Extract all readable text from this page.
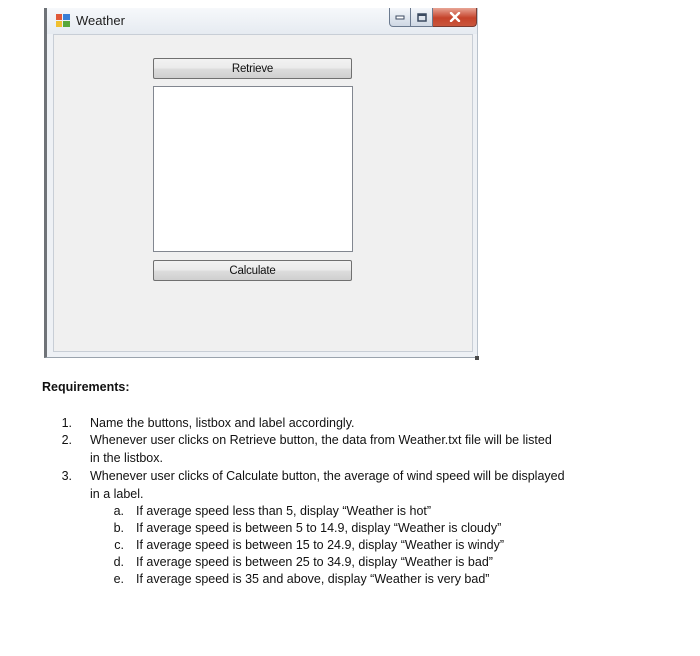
Weather
Retrieve
Calculate
Requirements:
1. Name the buttons, listbox and label accordingly.
2. Whenever user clicks on Retrieve button, the data from Weather.txt file will be listed
in the listbox.
3. Whenever user clicks of Calculate button, the average of wind speed will be displayed
in a label.
a. If average speed less than 5, display “Weather is hot”
b. If average speed is between 5 to 14.9, display “Weather is cloudy”
c. If average speed is between 15 to 24.9, display “Weather is windy”
d. If average speed is between 25 to 34.9, display “Weather is bad”
e. If average speed is 35 and above, display “Weather is very bad”
